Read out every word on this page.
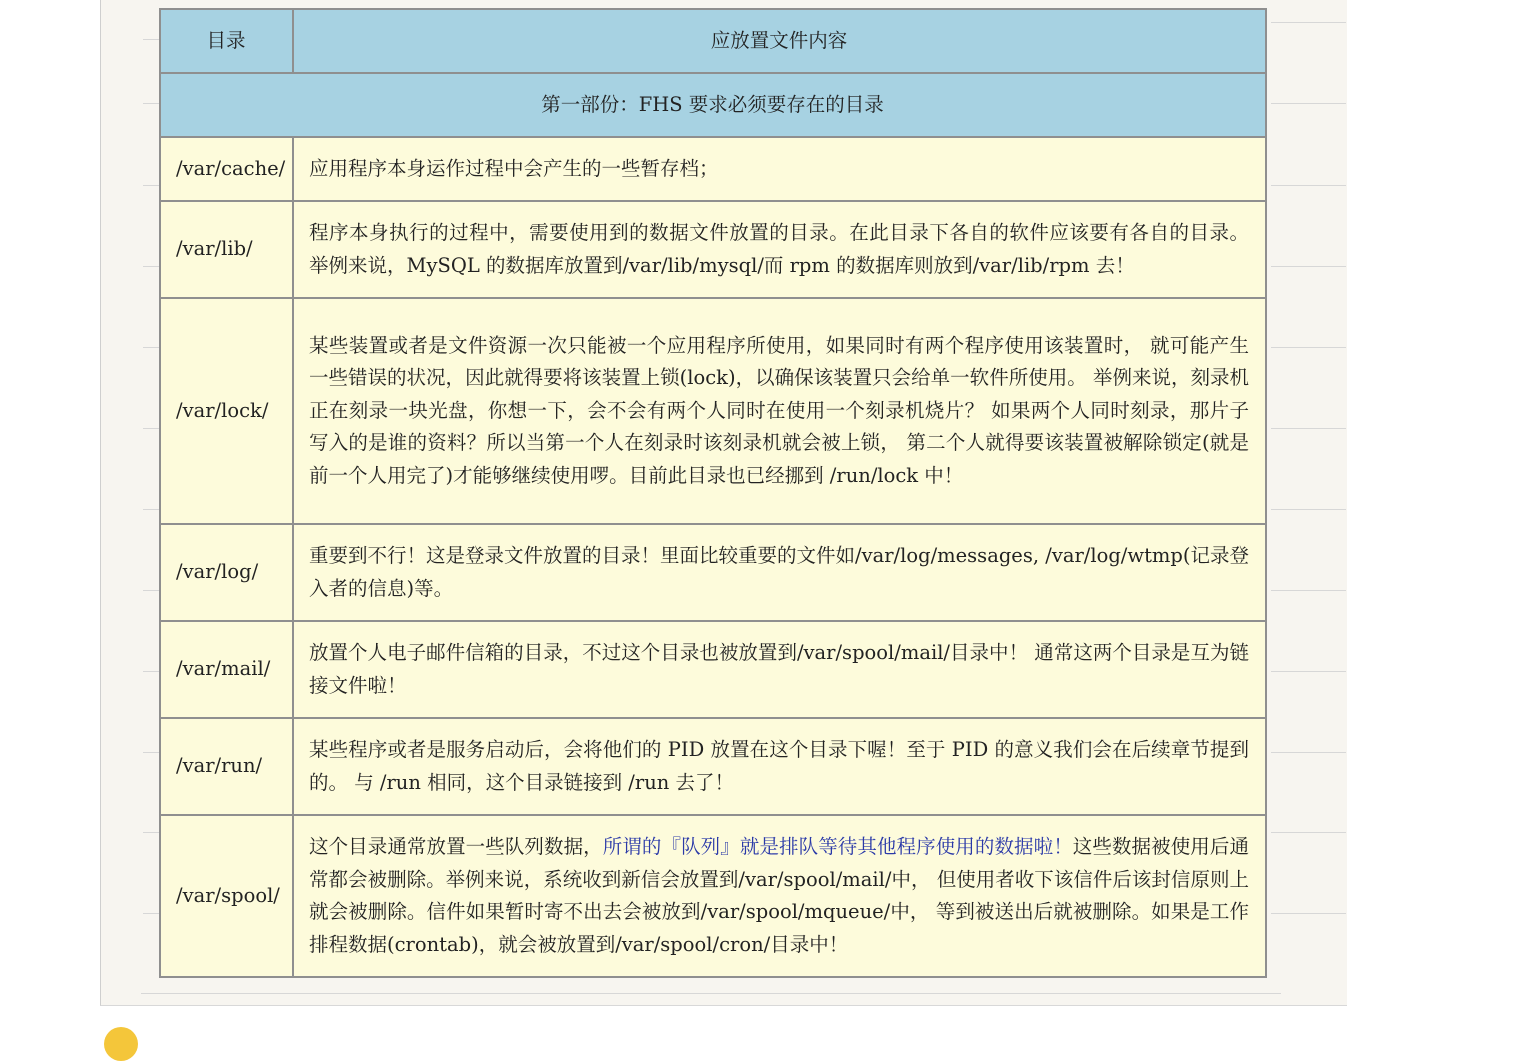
目录	应放置文件内容
第一部份：FHS 要求必须要存在的目录	
/var/cache/	应用程序本身运作过程中会产生的一些暂存档；
/var/lib/	程序本身执行的过程中，需要使用到的数据文件放置的目录。在此目录下各自的软件应该要有各自的目录。 举例来说，MySQL 的数据库放置到/var/lib/mysql/而 rpm 的数据库则放到/var/lib/rpm 去！
/var/lock/	某些装置或者是文件资源一次只能被一个应用程序所使用，如果同时有两个程序使用该装置时， 就可能产生一些错误的状况，因此就得要将该装置上锁(lock)，以确保该装置只会给单一软件所使用。 举例来说，刻录机正在刻录一块光盘，你想一下，会不会有两个人同时在使用一个刻录机烧片？ 如果两个人同时刻录，那片子写入的是谁的资料？所以当第一个人在刻录时该刻录机就会被上锁， 第二个人就得要该装置被解除锁定(就是前一个人用完了)才能够继续使用啰。目前此目录也已经挪到 /run/lock 中！
/var/log/	重要到不行！这是登录文件放置的目录！里面比较重要的文件如/var/log/messages, /var/log/wtmp(记录登入者的信息)等。
/var/mail/	放置个人电子邮件信箱的目录，不过这个目录也被放置到/var/spool/mail/目录中！ 通常这两个目录是互为链接文件啦！
/var/run/	某些程序或者是服务启动后，会将他们的 PID 放置在这个目录下喔！至于 PID 的意义我们会在后续章节提到的。 与 /run 相同，这个目录链接到 /run 去了！
/var/spool/	这个目录通常放置一些队列数据，所谓的『队列』就是排队等待其他程序使用的数据啦！这些数据被使用后通常都会被删除。举例来说，系统收到新信会放置到/var/spool/mail/中， 但使用者收下该信件后该封信原则上就会被删除。信件如果暂时寄不出去会被放到/var/spool/mqueue/中， 等到被送出后就被删除。如果是工作排程数据(crontab)，就会被放置到/var/spool/cron/目录中！
